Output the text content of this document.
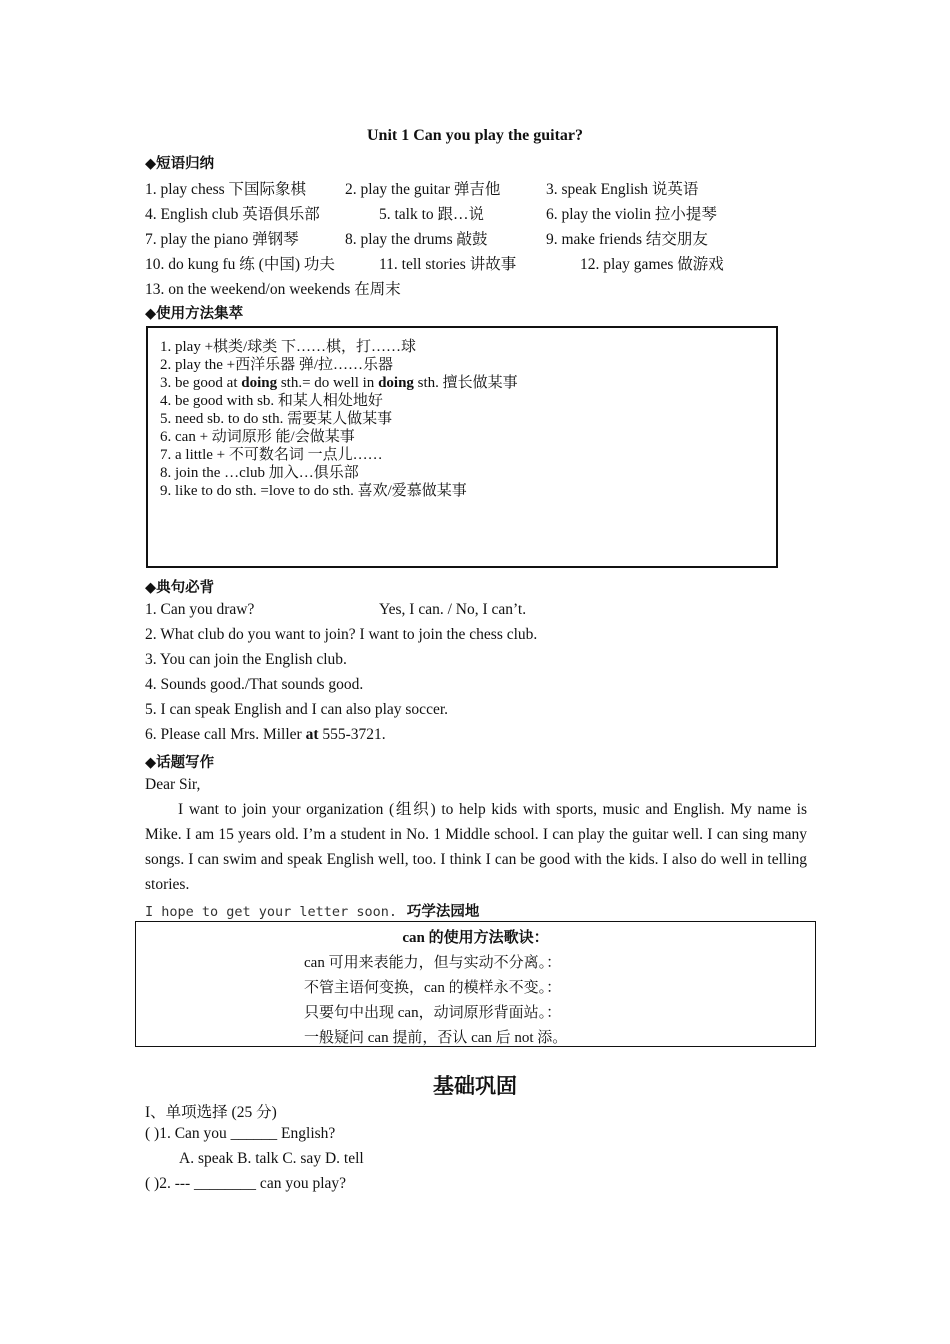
Unit 1 Can you play the guitar?
◆短语归纳
1. play chess 下国际象棋	2. play the guitar 弹吉他	3. speak English 说英语
4. English club 英语俱乐部	5. talk to 跟…说	6. play the violin 拉小提琴
7. play the piano 弹钢琴	8. play the drums 敲鼓	9. make friends 结交朋友
10. do kung fu 练 (中国) 功夫	11. tell stories 讲故事	12. play games 做游戏
13. on the weekend/on weekends 在周末
◆使用方法集萃
1. play +棋类/球类 下……棋，打……球
2. play the +西洋乐器 弹/拉……乐器
3. be good at doing sth.= do well in doing sth. 擅长做某事
4. be good with sb. 和某人相处地好
5. need sb. to do sth. 需要某人做某事
6. can + 动词原形 能/会做某事
7. a little + 不可数名词 一点儿……
8. join the …club 加入…俱乐部
9. like to do sth. =love to do sth. 喜欢/爱慕做某事
◆典句必背
1. Can you draw?	Yes, I can. / No, I can’t.
2. What club do you want to join? I want to join the chess club.
3. You can join the English club.
4. Sounds good./That sounds good.
5. I can speak English and I can also play soccer.
6. Please call Mrs. Miller at 555-3721.
◆话题写作
Dear Sir,
I want to join your organization (组织) to help kids with sports, music and English. My name is Mike. I am 15 years old. I’m a student in No. 1 Middle school. I can play the guitar well. I can sing many songs. I can swim and speak English well, too. I think I can be good with the kids. I also do well in telling stories.
I hope to get your letter soon. 巧学法园地
can 的使用方法歌诀：
can 可用来表能力，但与实动不分离。：
不管主语何变换，can 的模样永不变。：
只要句中出现 can，动词原形背面站。：
一般疑问 can 提前，否认 can 后 not 添。
基础巩固
I、单项选择 (25 分)
( )1. Can you ______ English?
A. speak B. talk C. say D. tell
( )2. --- ________ can you play?
